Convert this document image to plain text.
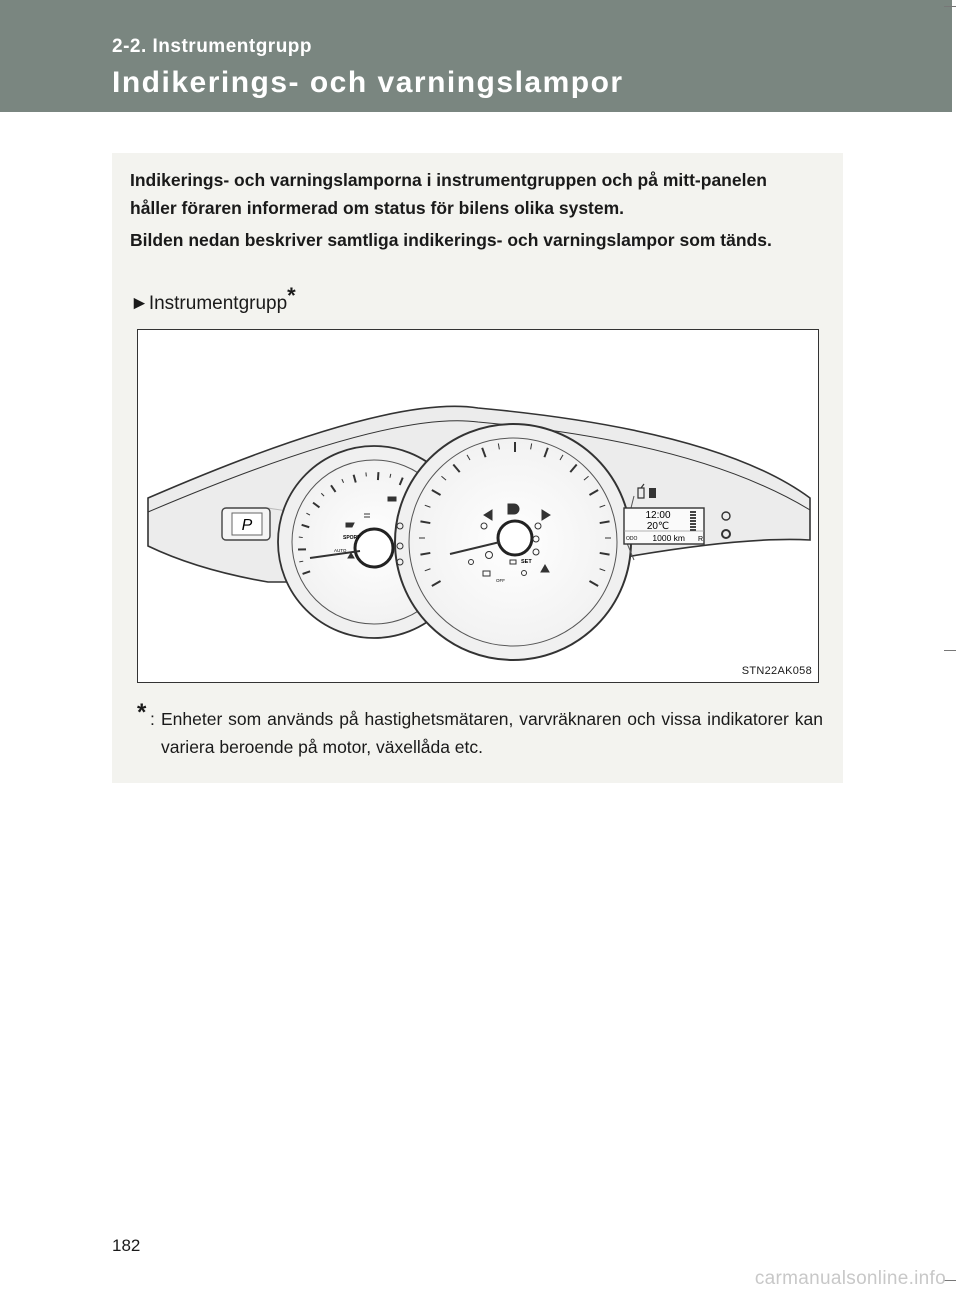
2-2. Instrumentgrupp
Indikerings- och varningslampor

Indikerings- och varningslamporna i instrumentgruppen och på mitt-panelen håller föraren informerad om status för bilens olika system.

Bilden nedan beskriver samtliga indikerings- och varningslampor som tänds.

►Instrumentgrupp*
P
SPORT
AUTO
SET
OFF
12:00
20℃
ODO 1000 km R
STN22AK058
* : Enheter som används på hastighetsmätaren, varvräknaren och vissa indikatorer kan variera beroende på motor, växellåda etc.
182
carmanualsonline.info
